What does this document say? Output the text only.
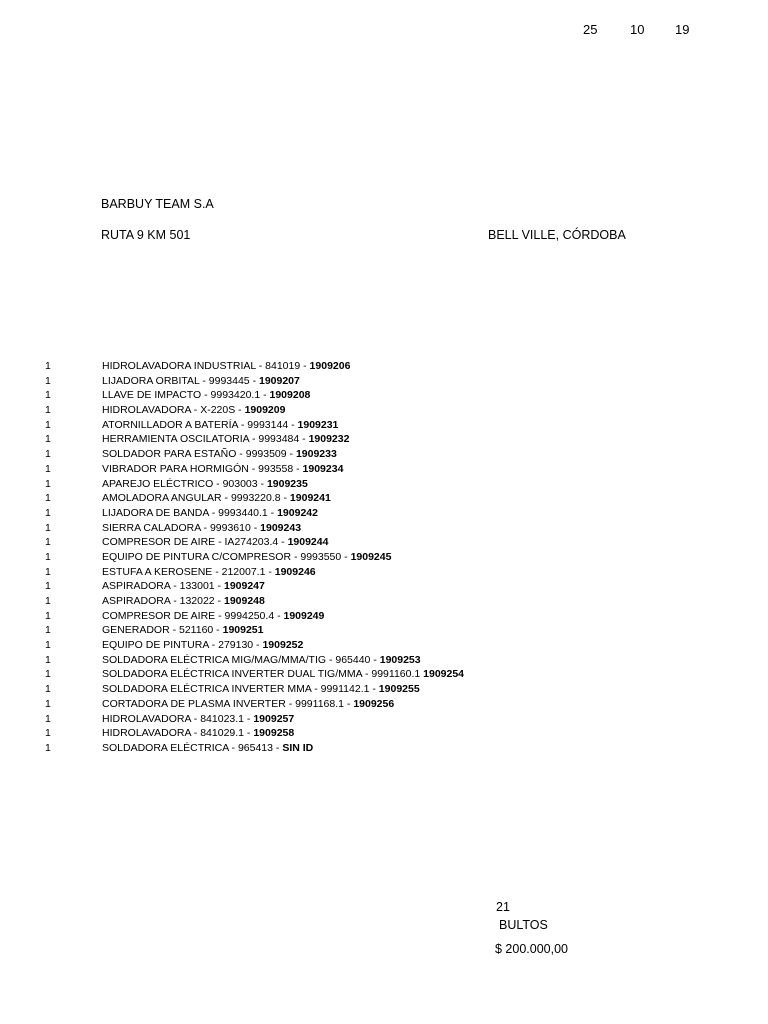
25	10 19
BARBUY TEAM S.A
RUTA 9 KM 501	BELL VILLE, CÓRDOBA
1	HIDROLAVADORA INDUSTRIAL - 841019 - 1909206
1	LIJADORA ORBITAL - 9993445 - 1909207
1	LLAVE DE IMPACTO - 9993420.1 - 1909208
1	HIDROLAVADORA - X-220S - 1909209
1	ATORNILLADOR A BATERÍA - 9993144 - 1909231
1	HERRAMIENTA OSCILATORIA - 9993484 - 1909232
1	SOLDADOR PARA ESTAÑO - 9993509 - 1909233
1	VIBRADOR PARA HORMIGÓN - 993558 - 1909234
1	APAREJO ELÉCTRICO - 903003 - 1909235
1	AMOLADORA ANGULAR - 9993220.8 - 1909241
1	LIJADORA DE BANDA - 9993440.1 - 1909242
1	SIERRA CALADORA - 9993610 - 1909243
1	COMPRESOR DE AIRE - IA274203.4 - 1909244
1	EQUIPO DE PINTURA C/COMPRESOR - 9993550 - 1909245
1	ESTUFA A KEROSENE - 212007.1 - 1909246
1	ASPIRADORA - 133001 - 1909247
1	ASPIRADORA - 132022 - 1909248
1	COMPRESOR DE AIRE - 9994250.4 - 1909249
1	GENERADOR - 521160 - 1909251
1	EQUIPO DE PINTURA - 279130 - 1909252
1	SOLDADORA ELÉCTRICA MIG/MAG/MMA/TIG - 965440 - 1909253
1	SOLDADORA ELÉCTRICA INVERTER DUAL TIG/MMA - 9991160.1 1909254
1	SOLDADORA ELÉCTRICA INVERTER MMA - 9991142.1 - 1909255
1	CORTADORA DE PLASMA INVERTER - 9991168.1 - 1909256
1	HIDROLAVADORA - 841023.1 - 1909257
1	HIDROLAVADORA - 841029.1 - 1909258
1	SOLDADORA ELÉCTRICA - 965413 - SIN ID
21
BULTOS
$ 200.000,00
